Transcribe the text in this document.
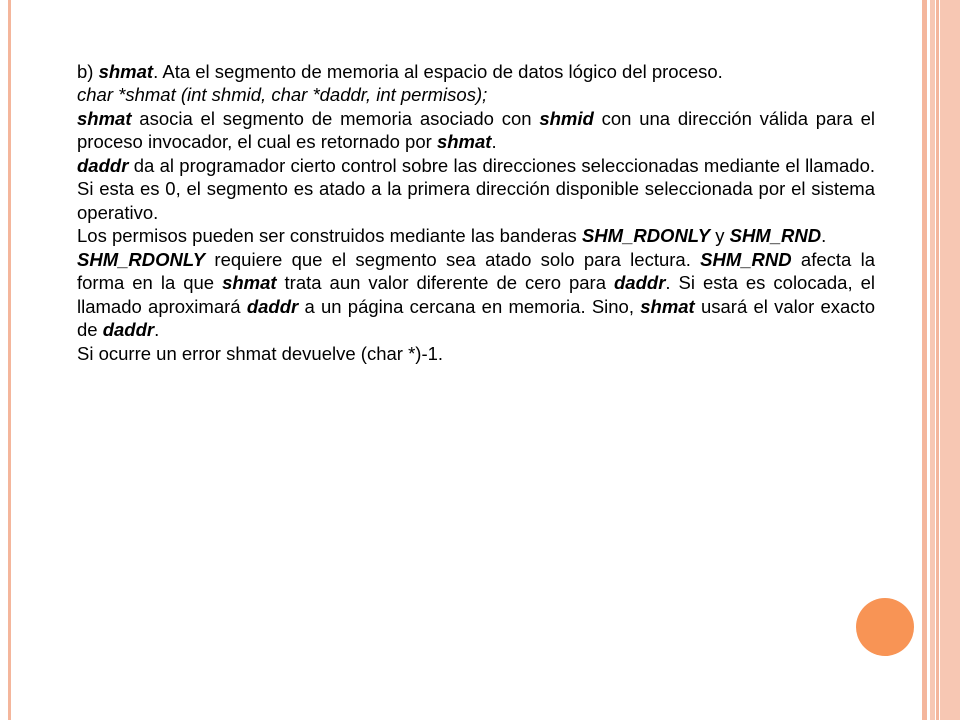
b) shmat. Ata el segmento de memoria al espacio de datos lógico del proceso.

char *shmat (int shmid, char *daddr, int permisos);

shmat asocia el segmento de memoria asociado con shmid con una dirección válida para el proceso invocador, el cual es retornado por shmat.

daddr da al programador cierto control sobre las direcciones seleccionadas mediante el llamado. Si esta es 0, el segmento es atado a la primera dirección disponible seleccionada por el sistema operativo.

Los permisos pueden ser construidos mediante las banderas SHM_RDONLY y SHM_RND.

SHM_RDONLY requiere que el segmento sea atado solo para lectura. SHM_RND afecta la forma en la que shmat trata aun valor diferente de cero para daddr. Si esta es colocada, el llamado aproximará daddr a un página cercana en memoria. Sino, shmat usará el valor exacto de daddr.

Si ocurre un error shmat devuelve (char *)-1.
